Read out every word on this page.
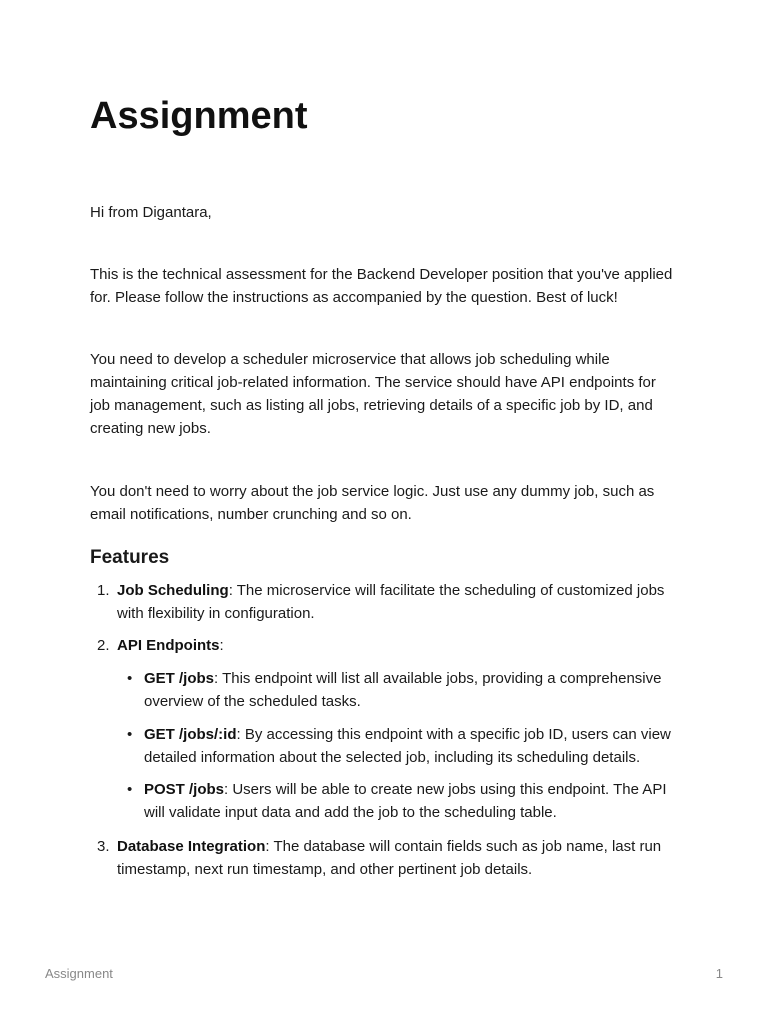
Assignment

Hi from Digantara,

This is the technical assessment for the Backend Developer position that you've applied for. Please follow the instructions as accompanied by the question. Best of luck!

You need to develop a scheduler microservice that allows job scheduling while maintaining critical job-related information. The service should have API endpoints for job management, such as listing all jobs, retrieving details of a specific job by ID, and creating new jobs.

You don't need to worry about the job service logic. Just use any dummy job, such as email notifications, number crunching and so on.

Features
1. Job Scheduling: The microservice will facilitate the scheduling of customized jobs with flexibility in configuration.
2. API Endpoints:
• GET /jobs: This endpoint will list all available jobs, providing a comprehensive overview of the scheduled tasks.
• GET /jobs/:id: By accessing this endpoint with a specific job ID, users can view detailed information about the selected job, including its scheduling details.
• POST /jobs: Users will be able to create new jobs using this endpoint. The API will validate input data and add the job to the scheduling table.
3. Database Integration: The database will contain fields such as job name, last run timestamp, next run timestamp, and other pertinent job details.
Assignment	1
